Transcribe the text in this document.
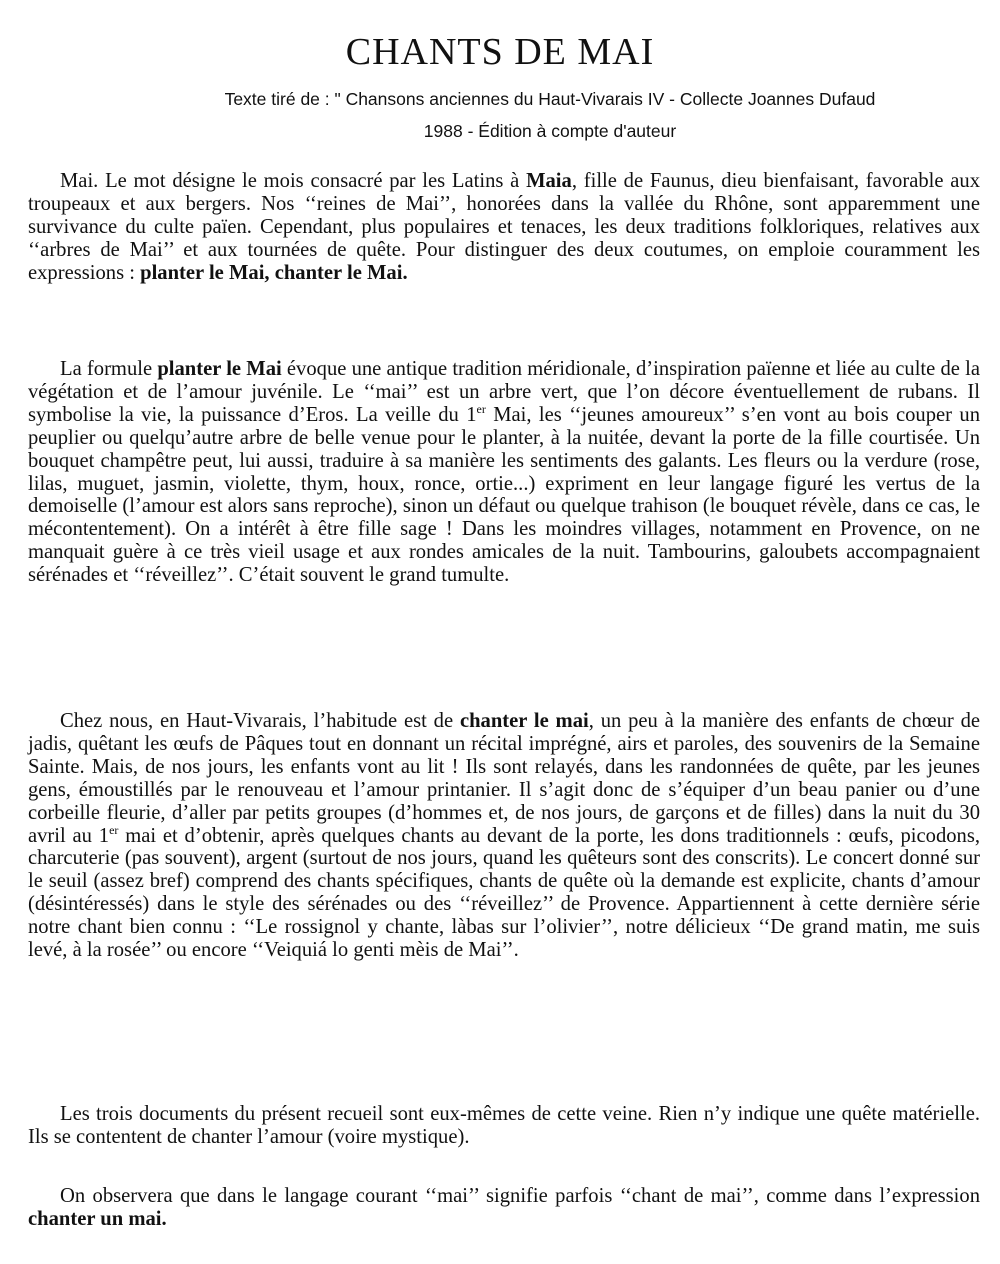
CHANTS DE MAI
Texte tiré de : " Chansons anciennes du Haut-Vivarais IV - Collecte Joannes Dufaud
1988 - Édition à compte d'auteur

Mai. Le mot désigne le mois consacré par les Latins à Maia, fille de Faunus, dieu bienfaisant, favorable aux troupeaux et aux bergers. Nos ‘‘reines de Mai’’, honorées dans la vallée du Rhône, sont apparemment une survivance du culte païen. Cependant, plus populaires et tenaces, les deux traditions folkloriques, relatives aux ‘‘arbres de Mai’’ et aux tournées de quête. Pour distinguer des deux coutumes, on emploie couramment les expressions : planter le Mai, chanter le Mai.

La formule planter le Mai évoque une antique tradition méridionale, d’inspiration païenne et liée au culte de la végétation et de l’amour juvénile. Le ‘‘mai’’ est un arbre vert, que l’on décore éventuellement de rubans. Il symbolise la vie, la puissance d’Eros. La veille du 1er Mai, les ‘‘jeunes amoureux’’ s’en vont au bois couper un peuplier ou quelqu’autre arbre de belle venue pour le planter, à la nuitée, devant la porte de la fille courtisée. Un bouquet champêtre peut, lui aussi, traduire à sa manière les sentiments des galants. Les fleurs ou la verdure (rose, lilas, muguet, jasmin, violette, thym, houx, ronce, ortie...) expriment en leur langage figuré les vertus de la demoiselle (l’amour est alors sans reproche), sinon un défaut ou quelque trahison (le bouquet révèle, dans ce cas, le mécontentement). On a intérêt à être fille sage ! Dans les moindres villages, notamment en Provence, on ne manquait guère à ce très vieil usage et aux rondes amicales de la nuit. Tambourins, galoubets accompagnaient sérénades et ‘‘réveillez’’. C’était souvent le grand tumulte.

Chez nous, en Haut-Vivarais, l’habitude est de chanter le mai, un peu à la manière des enfants de chœur de jadis, quêtant les œufs de Pâques tout en donnant un récital imprégné, airs et paroles, des souvenirs de la Semaine Sainte. Mais, de nos jours, les enfants vont au lit ! Ils sont relayés, dans les randonnées de quête, par les jeunes gens, émoustillés par le renouveau et l’amour printanier. Il s’agit donc de s’équiper d’un beau panier ou d’une corbeille fleurie, d’aller par petits groupes (d’hommes et, de nos jours, de garçons et de filles) dans la nuit du 30 avril au 1er mai et d’obtenir, après quelques chants au devant de la porte, les dons traditionnels : œufs, picodons, charcuterie (pas souvent), argent (surtout de nos jours, quand les quêteurs sont des conscrits). Le concert donné sur le seuil (assez bref) comprend des chants spécifiques, chants de quête où la demande est explicite, chants d’amour (désintéressés) dans le style des sérénades ou des ‘‘réveillez’’ de Provence. Appartiennent à cette dernière série notre chant bien connu : ‘‘Le rossignol y chante, làbas sur l’olivier’’, notre délicieux ‘‘De grand matin, me suis levé, à la rosée’’ ou encore ‘‘Veiquiá lo genti mèis de Mai’’.

Les trois documents du présent recueil sont eux-mêmes de cette veine. Rien n’y indique une quête matérielle. Ils se contentent de chanter l’amour (voire mystique).

On observera que dans le langage courant ‘‘mai’’ signifie parfois ‘‘chant de mai’’, comme dans l’expression chanter un mai.
